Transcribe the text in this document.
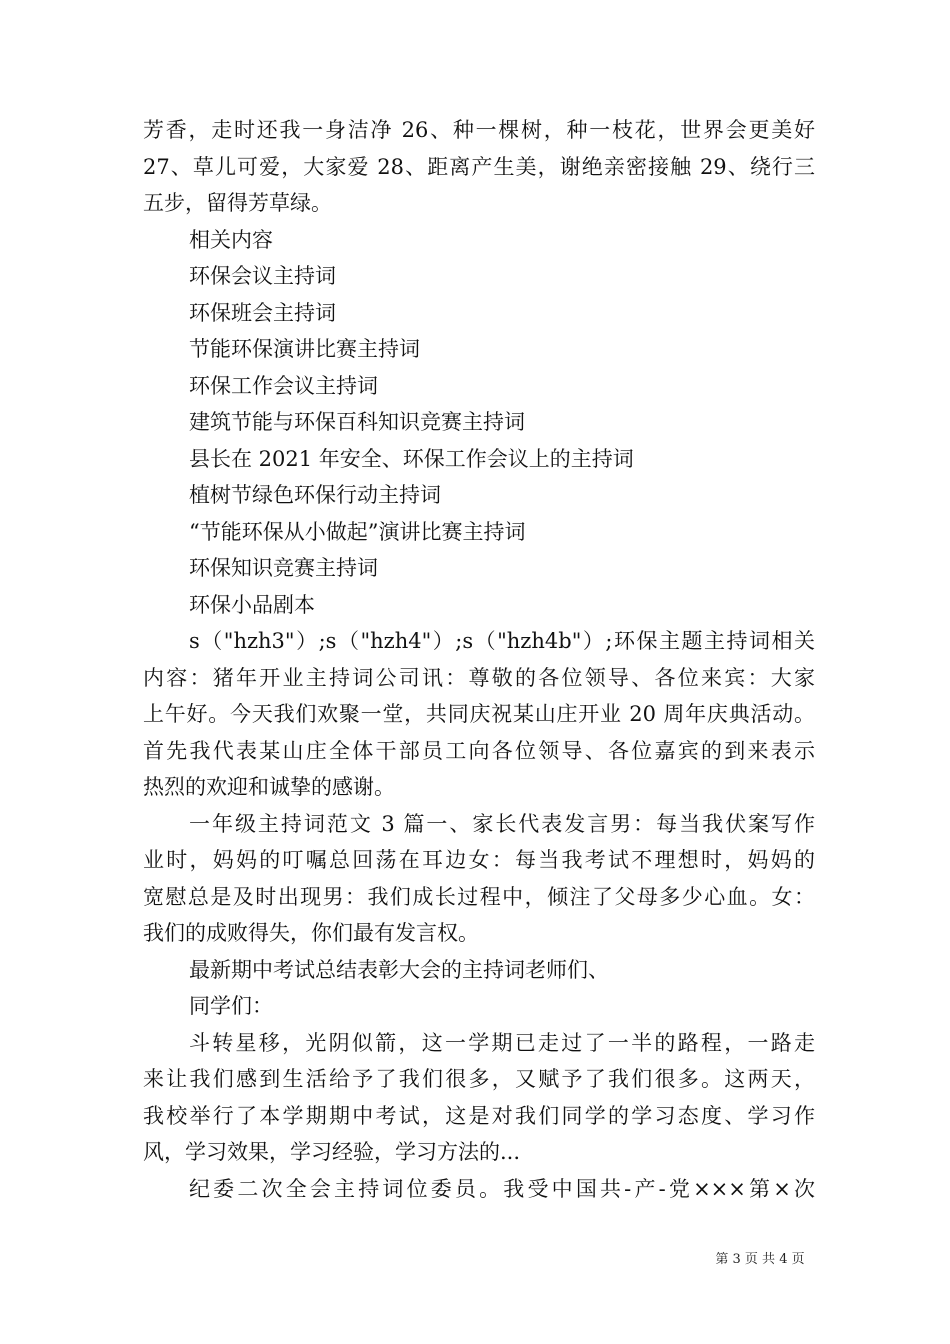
芳香，走时还我一身洁净 26、种一棵树，种一枝花，世界会更美好
27、草儿可爱，大家爱 28、距离产生美，谢绝亲密接触 29、绕行三
五步，留得芳草绿。
相关内容
环保会议主持词
环保班会主持词
节能环保演讲比赛主持词
环保工作会议主持词
建筑节能与环保百科知识竞赛主持词
县长在 2021 年安全、环保工作会议上的主持词
植树节绿色环保行动主持词
“节能环保从小做起”演讲比赛主持词
环保知识竞赛主持词
环保小品剧本
s（"hzh3"）;s（"hzh4"）;s（"hzh4b"）;环保主题主持词相关
内容：猪年开业主持词公司讯：尊敬的各位领导、各位来宾：大家
上午好。今天我们欢聚一堂，共同庆祝某山庄开业 20 周年庆典活动。
首先我代表某山庄全体干部员工向各位领导、各位嘉宾的到来表示
热烈的欢迎和诚挚的感谢。
一年级主持词范文 3 篇一、家长代表发言男：每当我伏案写作
业时，妈妈的叮嘱总回荡在耳边女：每当我考试不理想时，妈妈的
宽慰总是及时出现男：我们成长过程中，倾注了父母多少心血。女：
我们的成败得失，你们最有发言权。
最新期中考试总结表彰大会的主持词老师们、
同学们：
斗转星移，光阴似箭，这一学期已走过了一半的路程，一路走
来让我们感到生活给予了我们很多，又赋予了我们很多。这两天，
我校举行了本学期期中考试，这是对我们同学的学习态度、学习作
风，学习效果，学习经验，学习方法的...
纪委二次全会主持词位委员。我受中国共-产-党×××第×次
第 3 页 共 4 页
